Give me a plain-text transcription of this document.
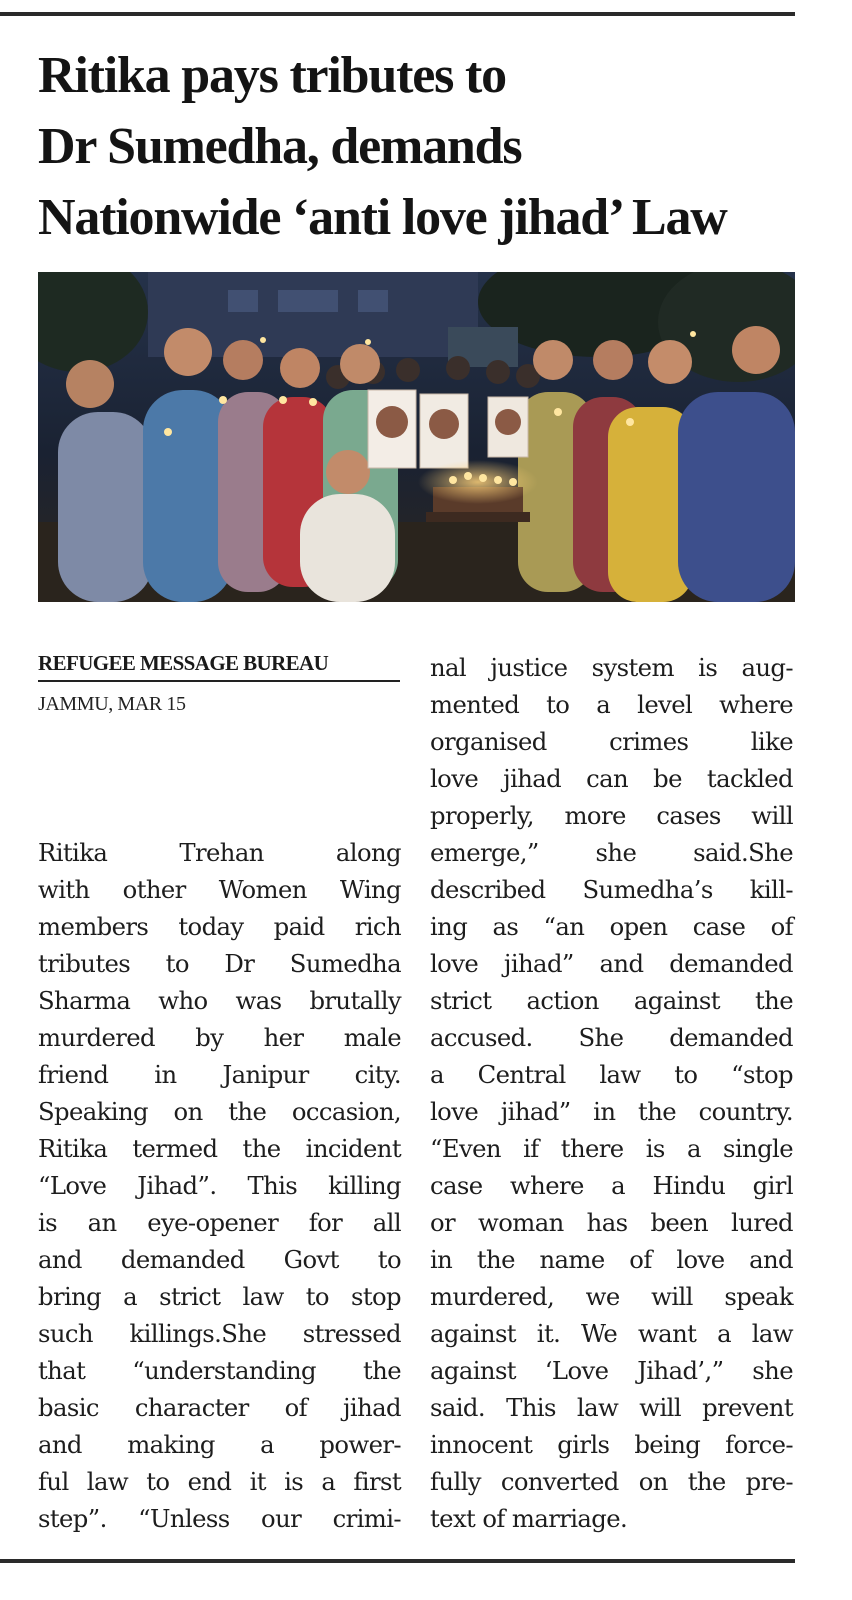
Ritika pays tributes to
Dr Sumedha, demands
Nationwide ‘anti love jihad’ Law
REFUGEE MESSAGE BUREAU
JAMMU, MAR 15
Ritika Trehan along
with other Women Wing
members today paid rich
tributes to Dr Sumedha
Sharma who was brutally
murdered by her male
friend in Janipur city.
Speaking on the occasion,
Ritika termed the incident
“Love Jihad”. This killing
is an eye-opener for all
and demanded Govt to
bring a strict law to stop
such killings.She stressed
that “understanding the
basic character of jihad
and making a power-
ful law to end it is a first
step”. “Unless our crimi-
nal justice system is aug-
mented to a level where
organised crimes like
love jihad can be tackled
properly, more cases will
emerge,” she said.She
described Sumedha’s kill-
ing as “an open case of
love jihad” and demanded
strict action against the
accused. She demanded
a Central law to “stop
love jihad” in the country.
“Even if there is a single
case where a Hindu girl
or woman has been lured
in the name of love and
murdered, we will speak
against it. We want a law
against ‘Love Jihad’,” she
said. This law will prevent
innocent girls being force-
fully converted on the pre-
text of marriage.
